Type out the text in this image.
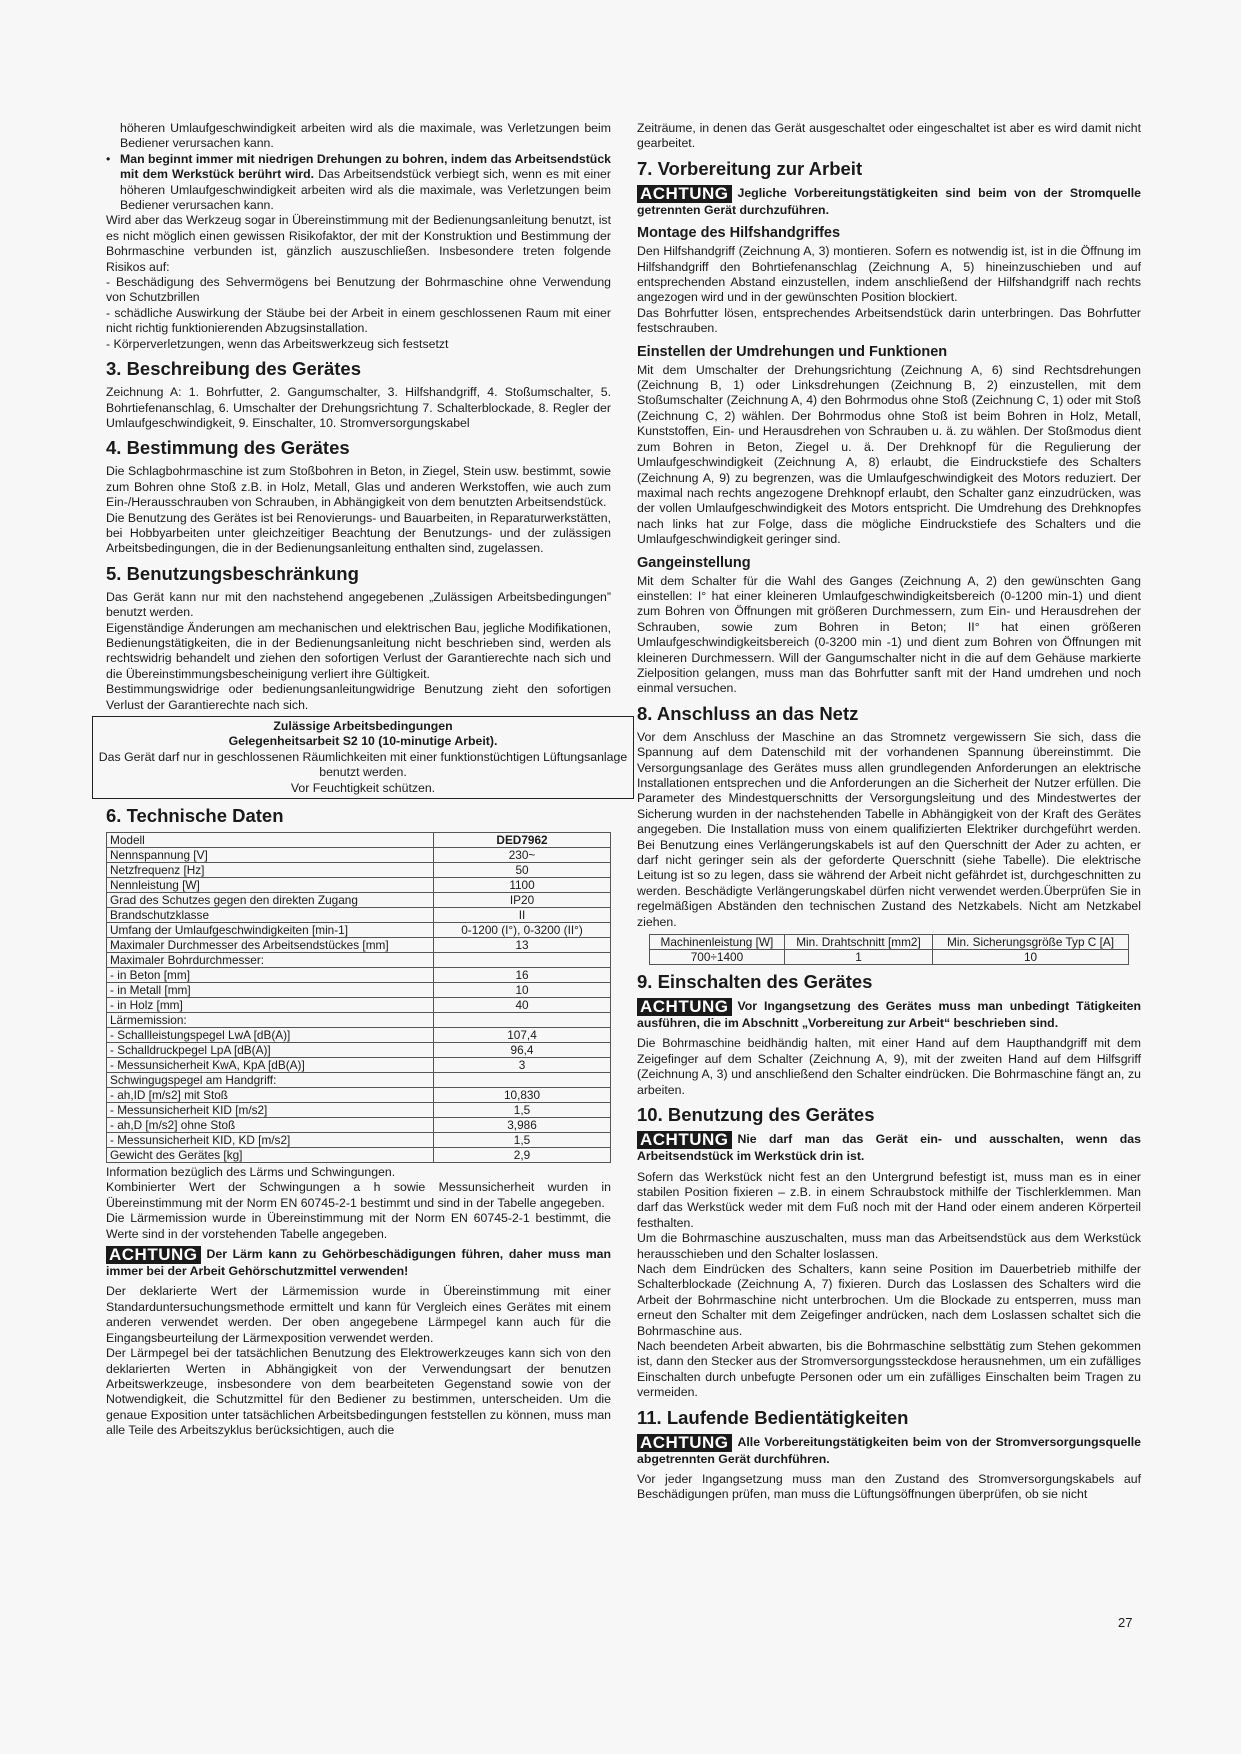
höheren Umlaufgeschwindigkeit arbeiten wird als die maximale, was Verletzungen beim Bediener verursachen kann.

• Man beginnt immer mit niedrigen Drehungen zu bohren, indem das Arbeitsendstück mit dem Werkstück berührt wird. Das Arbeitsendstück verbiegt sich, wenn es mit einer höheren Umlaufgeschwindigkeit arbeiten wird als die maximale, was Verletzungen beim Bediener verursachen kann.

Wird aber das Werkzeug sogar in Übereinstimmung mit der Bedienungsanleitung benutzt, ist es nicht möglich einen gewissen Risikofaktor, der mit der Konstruktion und Bestimmung der Bohrmaschine verbunden ist, gänzlich auszuschließen. Insbesondere treten folgende Risikos auf:

- Beschädigung des Sehvermögens bei Benutzung der Bohrmaschine ohne Verwendung von Schutzbrillen

- schädliche Auswirkung der Stäube bei der Arbeit in einem geschlossenen Raum mit einer nicht richtig funktionierenden Abzugsinstallation.

- Körperverletzungen, wenn das Arbeitswerkzeug sich festsetzt

3. Beschreibung des Gerätes

Zeichnung A: 1. Bohrfutter, 2. Gangumschalter, 3. Hilfshandgriff, 4. Stoßumschalter, 5. Bohrtiefenanschlag, 6. Umschalter der Drehungsrichtung 7. Schalterblockade, 8. Regler der Umlaufgeschwindigkeit, 9. Einschalter, 10. Stromversorgungskabel

4. Bestimmung des Gerätes

Die Schlagbohrmaschine ist zum Stoßbohren in Beton, in Ziegel, Stein usw. bestimmt, sowie zum Bohren ohne Stoß z.B. in Holz, Metall, Glas und anderen Werkstoffen, wie auch zum Ein-/Herausschrauben von Schrauben, in Abhängigkeit von dem benutzten Arbeitsendstück.

Die Benutzung des Gerätes ist bei Renovierungs- und Bauarbeiten, in Reparaturwerkstätten, bei Hobbyarbeiten unter gleichzeitiger Beachtung der Benutzungs- und der zulässigen Arbeitsbedingungen, die in der Bedienungsanleitung enthalten sind, zugelassen.

5. Benutzungsbeschränkung

Das Gerät kann nur mit den nachstehend angegebenen „Zulässigen Arbeitsbedingungen” benutzt werden.

Eigenständige Änderungen am mechanischen und elektrischen Bau, jegliche Modifikationen, Bedienungstätigkeiten, die in der Bedienungsanleitung nicht beschrieben sind, werden als rechtswidrig behandelt und ziehen den sofortigen Verlust der Garantierechte nach sich und die Übereinstimmungsbescheinigung verliert ihre Gültigkeit.

Bestimmungswidrige oder bedienungsanleitungwidrige Benutzung zieht den sofortigen Verlust der Garantierechte nach sich.

Zulässige Arbeitsbedingungen
Gelegenheitsarbeit S2 10 (10-minutige Arbeit).
Das Gerät darf nur in geschlossenen Räumlichkeiten mit einer funktionstüchtigen Lüftungsanlage benutzt werden.
Vor Feuchtigkeit schützen.
6. Technische Daten
Modell	DED7962
Nennspannung [V]	230~
Netzfrequenz [Hz]	50
Nennleistung [W]	1100
Grad des Schutzes gegen den direkten Zugang	IP20
Brandschutzklasse	II
Umfang der Umlaufgeschwindigkeiten [min-1]	0-1200 (I°), 0-3200 (II°)
Maximaler Durchmesser des Arbeitsendstückes [mm]	13
Maximaler Bohrdurchmesser:	
- in Beton [mm]	16
- in Metall [mm]	10
- in Holz [mm]	40
Lärmemission:	
- Schallleistungspegel LwA [dB(A)]	107,4
- Schalldruckpegel LpA [dB(A)]	96,4
- Messunsicherheit KwA, KpA [dB(A)]	3
Schwingugspegel am Handgriff:	
- ah,ID [m/s2] mit Stoß	10,830
- Messunsicherheit KID [m/s2]	1,5
- ah,D [m/s2] ohne Stoß	3,986
- Messunsicherheit KID, KD [m/s2]	1,5
Gewicht des Gerätes [kg]	2,9

Information bezüglich des Lärms und Schwingungen.

Kombinierter Wert der Schwingungen a h sowie Messunsicherheit wurden in Übereinstimmung mit der Norm EN 60745-2-1 bestimmt und sind in der Tabelle angegeben.

Die Lärmemission wurde in Übereinstimmung mit der Norm EN 60745-2-1 bestimmt, die Werte sind in der vorstehenden Tabelle angegeben.

ACHTUNG Der Lärm kann zu Gehörbeschädigungen führen, daher muss man immer bei der Arbeit Gehörschutzmittel verwenden!

Der deklarierte Wert der Lärmemission wurde in Übereinstimmung mit einer Standarduntersuchungsmethode ermittelt und kann für Vergleich eines Gerätes mit einem anderen verwendet werden. Der oben angegebene Lärmpegel kann auch für die Eingangsbeurteilung der Lärmexposition verwendet werden.

Der Lärmpegel bei der tatsächlichen Benutzung des Elektrowerkzeuges kann sich von den deklarierten Werten in Abhängigkeit von der Verwendungsart der benutzen Arbeitswerkzeuge, insbesondere von dem bearbeiteten Gegenstand sowie von der Notwendigkeit, die Schutzmittel für den Bediener zu bestimmen, unterscheiden. Um die genaue Exposition unter tatsächlichen Arbeitsbedingungen feststellen zu können, muss man alle Teile des Arbeitszyklus berücksichtigen, auch die

Zeiträume, in denen das Gerät ausgeschaltet oder eingeschaltet ist aber es wird damit nicht gearbeitet.

7. Vorbereitung zur Arbeit

ACHTUNG Jegliche Vorbereitungstätigkeiten sind beim von der Stromquelle getrennten Gerät durchzuführen.

Montage des Hilfshandgriffes

Den Hilfshandgriff (Zeichnung A, 3) montieren. Sofern es notwendig ist, ist in die Öffnung im Hilfshandgriff den Bohrtiefenanschlag (Zeichnung A, 5) hineinzuschieben und auf entsprechenden Abstand einzustellen, indem anschließend der Hilfshandgriff nach rechts angezogen wird und in der gewünschten Position blockiert.

Das Bohrfutter lösen, entsprechendes Arbeitsendstück darin unterbringen. Das Bohrfutter festschrauben.

Einstellen der Umdrehungen und Funktionen

Mit dem Umschalter der Drehungsrichtung (Zeichnung A, 6) sind Rechtsdrehungen (Zeichnung B, 1) oder Linksdrehungen (Zeichnung B, 2) einzustellen, mit dem Stoßumschalter (Zeichnung A, 4) den Bohrmodus ohne Stoß (Zeichnung C, 1) oder mit Stoß (Zeichnung C, 2) wählen. Der Bohrmodus ohne Stoß ist beim Bohren in Holz, Metall, Kunststoffen, Ein- und Herausdrehen von Schrauben u. ä. zu wählen. Der Stoßmodus dient zum Bohren in Beton, Ziegel u. ä. Der Drehknopf für die Regulierung der Umlaufgeschwindigkeit (Zeichnung A, 8) erlaubt, die Eindruckstiefe des Schalters (Zeichnung A, 9) zu begrenzen, was die Umlaufgeschwindigkeit des Motors reduziert. Der maximal nach rechts angezogene Drehknopf erlaubt, den Schalter ganz einzudrücken, was der vollen Umlaufgeschwindigkeit des Motors entspricht. Die Umdrehung des Drehknopfes nach links hat zur Folge, dass die mögliche Eindruckstiefe des Schalters und die Umlaufgeschwindigkeit geringer sind.

Gangeinstellung

Mit dem Schalter für die Wahl des Ganges (Zeichnung A, 2) den gewünschten Gang einstellen: I° hat einer kleineren Umlaufgeschwindigkeitsbereich (0-1200 min-1) und dient zum Bohren von Öffnungen mit größeren Durchmessern, zum Ein- und Herausdrehen der Schrauben, sowie zum Bohren in Beton; II° hat einen größeren Umlaufgeschwindigkeitsbereich (0-3200 min -1) und dient zum Bohren von Öffnungen mit kleineren Durchmessern. Will der Gangumschalter nicht in die auf dem Gehäuse markierte Zielposition gelangen, muss man das Bohrfutter sanft mit der Hand umdrehen und noch einmal versuchen.

8. Anschluss an das Netz

Vor dem Anschluss der Maschine an das Stromnetz vergewissern Sie sich, dass die Spannung auf dem Datenschild mit der vorhandenen Spannung übereinstimmt. Die Versorgungsanlage des Gerätes muss allen grundlegenden Anforderungen an elektrische Installationen entsprechen und die Anforderungen an die Sicherheit der Nutzer erfüllen. Die Parameter des Mindestquerschnitts der Versorgungsleitung und des Mindestwertes der Sicherung wurden in der nachstehenden Tabelle in Abhängigkeit von der Kraft des Gerätes angegeben. Die Installation muss von einem qualifizierten Elektriker durchgeführt werden. Bei Benutzung eines Verlängerungskabels ist auf den Querschnitt der Ader zu achten, er darf nicht geringer sein als der geforderte Querschnitt (siehe Tabelle). Die elektrische Leitung ist so zu legen, dass sie während der Arbeit nicht gefährdet ist, durchgeschnitten zu werden. Beschädigte Verlängerungskabel dürfen nicht verwendet werden.Überprüfen Sie in regelmäßigen Abständen den technischen Zustand des Netzkabels. Nicht am Netzkabel ziehen.

Machinenleistung [W]	Min. Drahtschnitt [mm2]	Min. Sicherungsgröße Typ C [A]
700÷1400	1	10
9. Einschalten des Gerätes

ACHTUNG Vor Ingangsetzung des Gerätes muss man unbedingt Tätigkeiten ausführen, die im Abschnitt „Vorbereitung zur Arbeit“ beschrieben sind.

Die Bohrmaschine beidhändig halten, mit einer Hand auf dem Haupthandgriff mit dem Zeigefinger auf dem Schalter (Zeichnung A, 9), mit der zweiten Hand auf dem Hilfsgriff (Zeichnung A, 3) und anschließend den Schalter eindrücken. Die Bohrmaschine fängt an, zu arbeiten.

10. Benutzung des Gerätes

ACHTUNG Nie darf man das Gerät ein- und ausschalten, wenn das Arbeitsendstück im Werkstück drin ist.

Sofern das Werkstück nicht fest an den Untergrund befestigt ist, muss man es in einer stabilen Position fixieren – z.B. in einem Schraubstock mithilfe der Tischlerklemmen. Man darf das Werkstück weder mit dem Fuß noch mit der Hand oder einem anderen Körperteil festhalten.

Um die Bohrmaschine auszuschalten, muss man das Arbeitsendstück aus dem Werkstück herausschieben und den Schalter loslassen.

Nach dem Eindrücken des Schalters, kann seine Position im Dauerbetrieb mithilfe der Schalterblockade (Zeichnung A, 7) fixieren. Durch das Loslassen des Schalters wird die Arbeit der Bohrmaschine nicht unterbrochen. Um die Blockade zu entsperren, muss man erneut den Schalter mit dem Zeigefinger andrücken, nach dem Loslassen schaltet sich die Bohrmaschine aus.

Nach beendeten Arbeit abwarten, bis die Bohrmaschine selbsttätig zum Stehen gekommen ist, dann den Stecker aus der Stromversorgungssteckdose herausnehmen, um ein zufälliges Einschalten durch unbefugte Personen oder um ein zufälliges Einschalten beim Tragen zu vermeiden.

11. Laufende Bedientätigkeiten

ACHTUNG Alle Vorbereitungstätigkeiten beim von der Stromversorgungsquelle abgetrennten Gerät durchführen.

Vor jeder Ingangsetzung muss man den Zustand des Stromversorgungskabels auf Beschädigungen prüfen, man muss die Lüftungsöffnungen überprüfen, ob sie nicht

27
